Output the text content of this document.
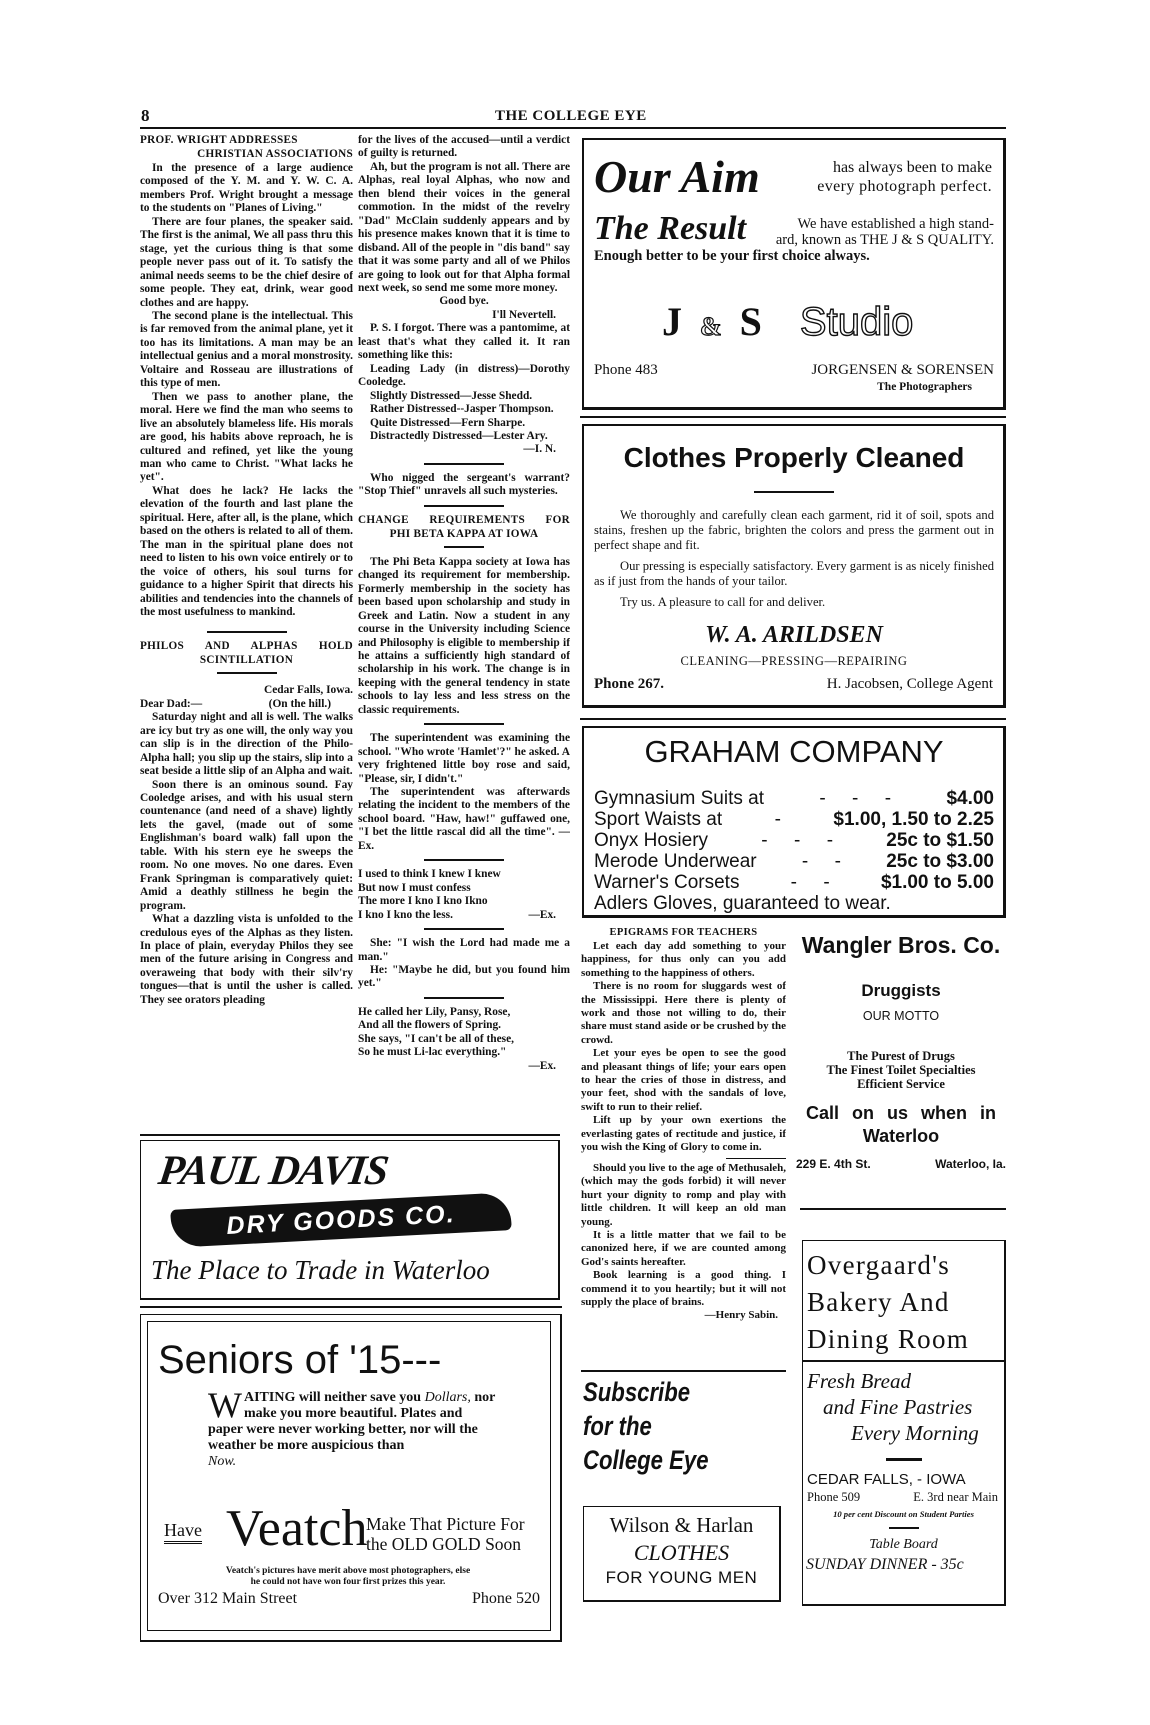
8	THE COLLEGE EYE
PROF. WRIGHT ADDRESSES
CHRISTIAN ASSOCIATIONS

In the presence of a large audience composed of the Y. M. and Y. W. C. A. members Prof. Wright brought a message to the students on "Planes of Living."

There are four planes, the speaker said. The first is the animal, We all pass thru this stage, yet the curious thing is that some people never pass out of it. To satisfy the animal needs seems to be the chief desire of some people. They eat, drink, wear good clothes and are happy.

The second plane is the intellectual. This is far removed from the animal plane, yet it too has its limitations. A man may be an intellectual genius and a moral monstrosity. Voltaire and Rosseau are illustrations of this type of men.

Then we pass to another plane, the moral. Here we find the man who seems to live an absolutely blameless life. His morals are good, his habits above reproach, he is cultured and refined, yet like the young man who came to Christ. "What lacks he yet".

What does he lack? He lacks the elevation of the fourth and last plane the spiritual. Here, after all, is the plane, which based on the others is related to all of them. The man in the spiritual plane does not need to listen to his own voice entirely or to the voice of others, his soul turns for guidance to a higher Spirit that directs his abilities and tendencies into the channels of the most usefulness to mankind.

PHILOS AND ALPHAS HOLD
SCINTILLATION
Cedar Falls, Iowa.
Dear Dad:—	(On the hill.)

Saturday night and all is well. The walks are icy but try as one will, the only way you can slip is in the direction of the Philo-Alpha hall; you slip up the stairs, slip into a seat beside a little slip of an Alpha and wait.

Soon there is an ominous sound. Fay Cooledge arises, and with his usual stern countenance (and need of a shave) lightly lets the gavel, (made out of some Englishman's board walk) fall upon the table. With his stern eye he sweeps the room. No one moves. No one dares. Even Frank Springman is comparatively quiet: Amid a deathly stillness he begin the program.

What a dazzling vista is unfolded to the credulous eyes of the Alphas as they listen. In place of plain, everyday Philos they see men of the future arising in Congress and overaweing that body with their silv'ry tongues—that is until the usher is called. They see orators pleading

for the lives of the accused—until a verdict of guilty is returned.

Ah, but the program is not all. There are Alphas, real loyal Alphas, who now and then blend their voices in the general commotion. In the midst of the revelry "Dad" McClain suddenly appears and by his presence makes known that it is time to disband. All of the people in "dis band" say that it was some party and all of we Philos are going to look out for that Alpha formal next week, so send me some more money.

Good bye.
I'll Nevertell.

P. S. I forgot. There was a pantomime, at least that's what they called it. It ran something like this:

Leading Lady (in distress)—Dorothy Cooledge.

Slightly Distressed—Jesse Shedd.

Rather Distressed--Jasper Thompson.

Quite Distressed—Fern Sharpe.

Distractedly Distressed—Lester Ary.

—I. N.

Who nigged the sergeant's warrant? "Stop Thief" unravels all such mysteries.

CHANGE REQUIREMENTS FOR
PHI BETA KAPPA AT IOWA

The Phi Beta Kappa society at Iowa has changed its requirement for membership. Formerly membership in the society has been based upon scholarship and study in Greek and Latin. Now a student in any course in the University including Science and Philosophy is eligible to membership if he attains a sufficiently high standard of scholarship in his work. The change is in keeping with the general tendency in state schools to lay less and less stress on the classic requirements.

The superintendent was examining the school. "Who wrote 'Hamlet'?" he asked. A very frightened little boy rose and said, "Please, sir, I didn't."

The superintendent was afterwards relating the incident to the members of the school board. "Haw, haw!" guffawed one, "I bet the little rascal did all the time". —Ex.

I used to think I knew I knew
But now I must confess
The more I kno I kno Ikno
I kno I kno the less.	—Ex.

She: "I wish the Lord had made me a man."

He: "Maybe he did, but you found him yet."

He called her Lily, Pansy, Rose,
And all the flowers of Spring.
She says, "I can't be all of these,
So he must Li-lac everything."
—Ex.
Our Aim	has always been to make
every photograph perfect.
The Result	We have established a high stand-
ard, known as THE J & S QUALITY.
Enough better to be your first choice always.
J & S Studio
Phone 483	JORGENSEN & SORENSEN
The Photographers
Clothes Properly Cleaned

We thoroughly and carefully clean each garment, rid it of soil, spots and stains, freshen up the fabric, brighten the colors and press the garment out in perfect shape and fit.

Our pressing is especially satisfactory. Every garment is as nicely finished as if just from the hands of your tailor.

Try us. A pleasure to call for and deliver.

W. A. ARILDSEN
CLEANING—PRESSING—REPAIRING
Phone 267.	H. Jacobsen, College Agent
GRAHAM COMPANY
Gymnasium Suits at	-     -     -	$4.00
Sport Waists at	-	$1.00, 1.50 to 2.25
Onyx Hosiery	-     -     -	25c to $1.50
Merode Underwear -     - 25c to $3.00
Warner's Corsets	-     -	$1.00 to 5.00
Adlers Gloves, guaranteed to wear.
EPIGRAMS FOR TEACHERS

Let each day add something to your happiness, for thus only can you add something to the happiness of others.

There is no room for sluggards west of the Mississippi. Here there is plenty of work and those not willing to do, their share must stand aside or be crushed by the crowd.

Let your eyes be open to see the good and pleasant things of life; your ears open to hear the cries of those in distress, and your feet, shod with the sandals of love, swift to run to their relief.

Lift up by your own exertions the everlasting gates of rectitude and justice, if you wish the King of Glory to come in.

Should you live to the age of Methusaleh, (which may the gods forbid) it will never hurt your dignity to romp and play with little children. It will keep an old man young.

It is a little matter that we fail to be canonized here, if we are counted among God's saints hereafter.

Book learning is a good thing. I commend it to you heartily; but it will not supply the place of brains.

—Henry Sabin.
Wangler Bros. Co.
Druggists
OUR MOTTO
The Purest of Drugs
The Finest Toilet Specialties
Efficient Service
Call on us when in
Waterloo
229 E. 4th St.	Waterloo, Ia.
PAUL DAVIS
DRY GOODS CO.
The Place to Trade in Waterloo
Seniors of '15---
W AITING will neither save you Dollars, nor make you more beautiful. Plates and paper were never working better, nor will the weather be more auspicious than
Now.
Have Veatch
Make That Picture For
the OLD GOLD Soon
Veatch's pictures have merit above most photographers, else
he could not have won four first prizes this year.
Over 312 Main Street	Phone 520
Subscribe
for the
College Eye
Wilson & Harlan
CLOTHES
FOR YOUNG MEN
Overgaard's
Bakery And
Dining Room
Fresh Bread
and Fine Pastries
Every Morning
CEDAR FALLS, - IOWA
Phone 509	E. 3rd near Main
10 per cent Discount on Student Parties
Table Board
SUNDAY DINNER - 35c
